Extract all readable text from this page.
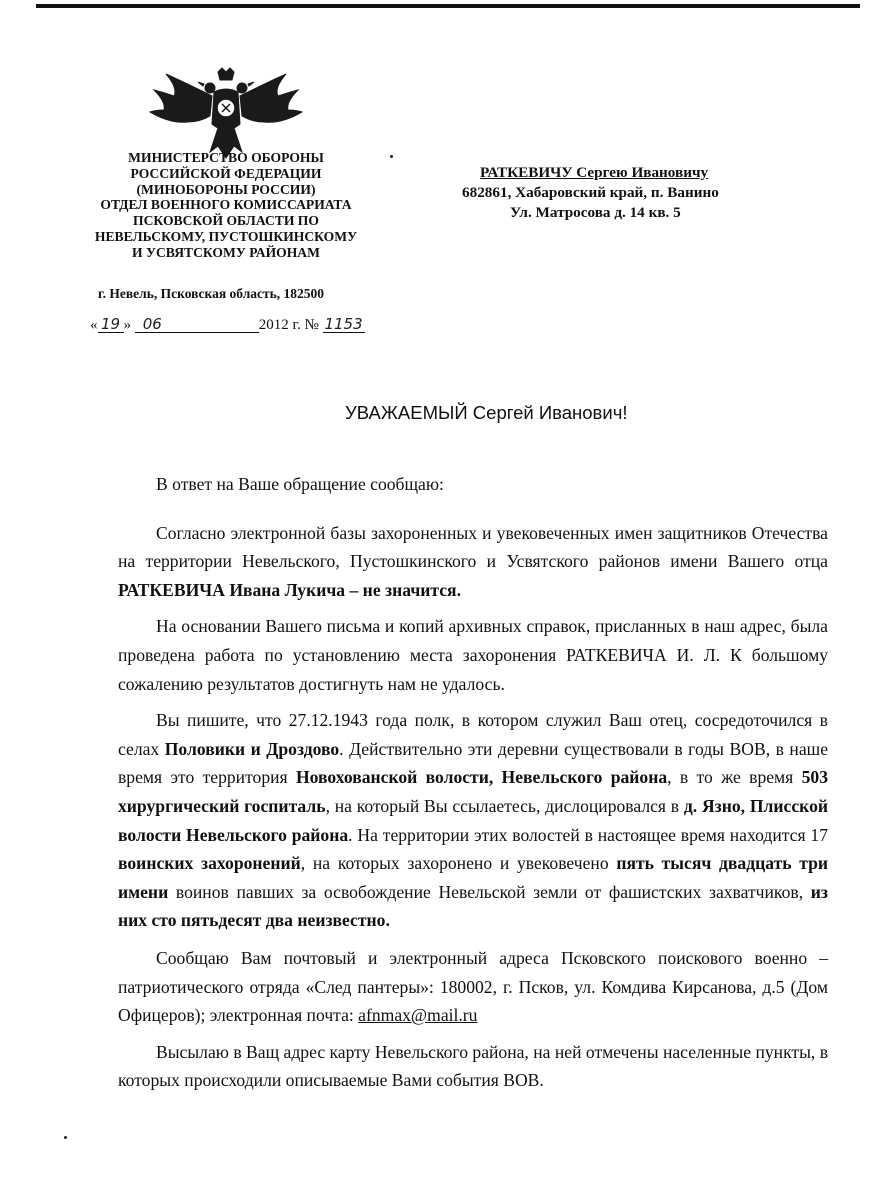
МИНИСТЕРСТВО ОБОРОНЫ
РОССИЙСКОЙ ФЕДЕРАЦИИ
(МИНОБОРОНЫ РОССИИ)
ОТДЕЛ ВОЕННОГО КОМИССАРИАТА
ПСКОВСКОЙ ОБЛАСТИ ПО
НЕВЕЛЬСКОМУ, ПУСТОШКИНСКОМУ
И УСВЯТСКОМУ РАЙОНАМ
г. Невель, Псковская область, 182500
« 19 » 06	2012 г. № 1153
РАТКЕВИЧУ Сергею Ивановичу
682861, Хабаровский край, п. Ванино
Ул. Матросова д. 14 кв. 5
УВАЖАЕМЫЙ Сергей Иванович!

В ответ на Ваше обращение сообщаю:

Согласно электронной базы захороненных и увековеченных имен защитников Отечества на территории Невельского, Пустошкинского и Усвятского районов имени Вашего отца РАТКЕВИЧА Ивана Лукича – не значится.

На основании Вашего письма и копий архивных справок, присланных в наш адрес, была проведена работа по установлению места захоронения РАТКЕВИЧА И. Л. К большому сожалению результатов достигнуть нам не удалось.

Вы пишите, что 27.12.1943 года полк, в котором служил Ваш отец, сосредоточился в селах Половики и Дроздово. Действительно эти деревни существовали в годы ВОВ, в наше время это территория Новохованской волости, Невельского района, в то же время 503 хирургический госпиталь, на который Вы ссылаетесь, дислоцировался в д. Язно, Плисской волости Невельского района. На территории этих волостей в настоящее время находится 17 воинских захоронений, на которых захоронено и увековечено пять тысяч двадцать три имени воинов павших за освобождение Невельской земли от фашистских захватчиков, из них сто пятьдесят два неизвестно.

Сообщаю Вам почтовый и электронный адреса Псковского поискового военно – патриотического отряда «След пантеры»: 180002, г. Псков, ул. Комдива Кирсанова, д.5 (Дом Офицеров); электронная почта: afnmax@mail.ru

Высылаю в Ващ адрес карту Невельского района, на ней отмечены населенные пункты, в которых происходили описываемые Вами события ВОВ.
